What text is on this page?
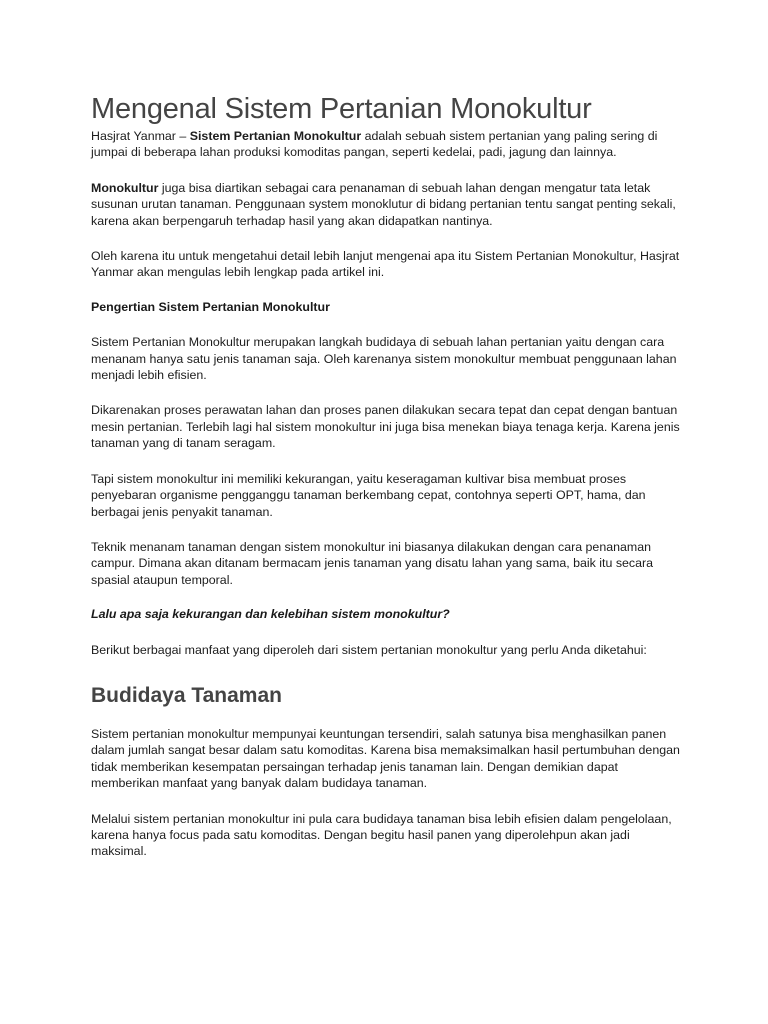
Mengenal Sistem Pertanian Monokultur

Hasjrat Yanmar – Sistem Pertanian Monokultur adalah sebuah sistem pertanian yang paling sering di jumpai di beberapa lahan produksi komoditas pangan, seperti kedelai, padi, jagung dan lainnya.

Monokultur juga bisa diartikan sebagai cara penanaman di sebuah lahan dengan mengatur tata letak susunan urutan tanaman. Penggunaan system monoklutur di bidang pertanian tentu sangat penting sekali, karena akan berpengaruh terhadap hasil yang akan didapatkan nantinya.

Oleh karena itu untuk mengetahui detail lebih lanjut mengenai apa itu Sistem Pertanian Monokultur, Hasjrat Yanmar akan mengulas lebih lengkap pada artikel ini.

Pengertian Sistem Pertanian Monokultur

Sistem Pertanian Monokultur merupakan langkah budidaya di sebuah lahan pertanian yaitu dengan cara menanam hanya satu jenis tanaman saja. Oleh karenanya sistem monokultur membuat penggunaan lahan menjadi lebih efisien.

Dikarenakan proses perawatan lahan dan proses panen dilakukan secara tepat dan cepat dengan bantuan mesin pertanian. Terlebih lagi hal sistem monokultur ini juga bisa menekan biaya tenaga kerja. Karena jenis tanaman yang di tanam seragam.

Tapi sistem monokultur ini memiliki kekurangan, yaitu keseragaman kultivar bisa membuat proses penyebaran organisme pengganggu tanaman berkembang cepat, contohnya seperti OPT, hama, dan berbagai jenis penyakit tanaman.

Teknik menanam tanaman dengan sistem monokultur ini biasanya dilakukan dengan cara penanaman campur. Dimana akan ditanam bermacam jenis tanaman yang disatu lahan yang sama, baik itu secara spasial ataupun temporal.

Lalu apa saja kekurangan dan kelebihan sistem monokultur?

Berikut berbagai manfaat yang diperoleh dari sistem pertanian monokultur yang perlu Anda diketahui:

Budidaya Tanaman

Sistem pertanian monokultur mempunyai keuntungan tersendiri, salah satunya bisa menghasilkan panen dalam jumlah sangat besar dalam satu komoditas. Karena bisa memaksimalkan hasil pertumbuhan dengan tidak memberikan kesempatan persaingan terhadap jenis tanaman lain. Dengan demikian dapat memberikan manfaat yang banyak dalam budidaya tanaman.

Melalui sistem pertanian monokultur ini pula cara budidaya tanaman bisa lebih efisien dalam pengelolaan, karena hanya focus pada satu komoditas. Dengan begitu hasil panen yang diperolehpun akan jadi maksimal.
